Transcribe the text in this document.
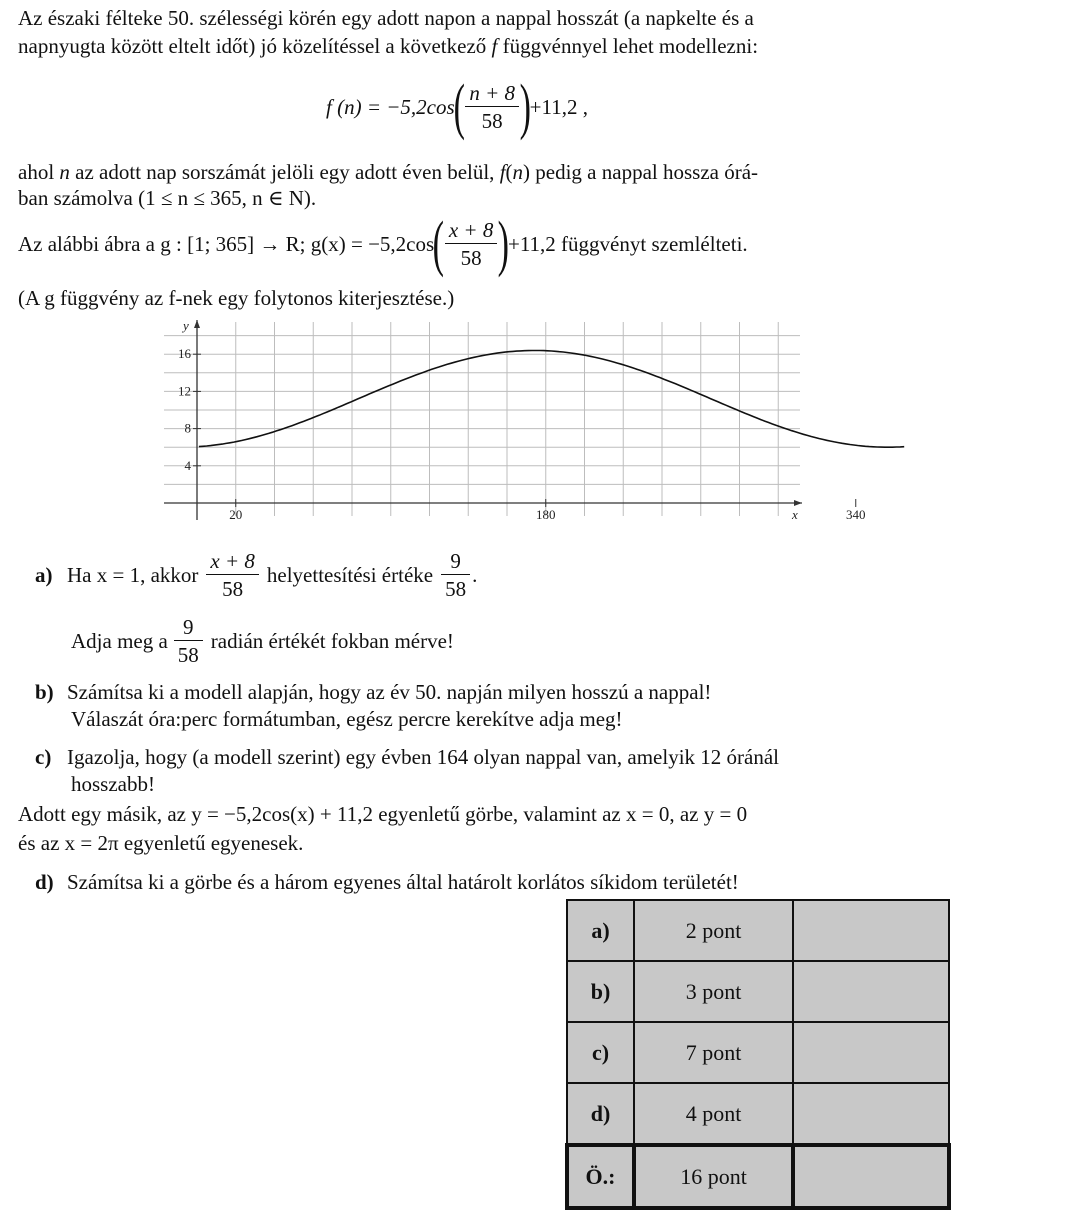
Az északi félteke 50. szélességi körén egy adott napon a nappal hosszát (a napkelte és a
napnyugta között eltelt időt) jó közelítéssel a következő f függvénnyel lehet modellezni:
f (n) = −5,2cos
( $\frac{n + 8}{58}$ )
+11,2 ,
ahol n az adott nap sorszámát jelöli egy adott éven belül, f(n) pedig a nappal hossza órá-
ban számolva (1 ≤ n ≤ 365, n ∈ N).
Az alábbi ábra a g : [1; 365] → R; g(x) = −5,2cos
( $\frac{x + 8}{58}$ )
+11,2 függvényt szemlélteti.
(A g függvény az f-nek egy folytonos kiterjesztése.)
4
8
12
16
20	180	340
y
x
a) Ha x = 1, akkor $\frac{x + 8}{58}$ helyettesítési értéke $\frac{9}{58}$ .
Adja meg a $\frac{9}{58}$ radián értékét fokban mérve!
b) Számítsa ki a modell alapján, hogy az év 50. napján milyen hosszú a nappal!
Válaszát óra:perc formátumban, egész percre kerekítve adja meg!
c) Igazolja, hogy (a modell szerint) egy évben 164 olyan nappal van, amelyik 12 óránál
hosszabb!
Adott egy másik, az y = −5,2cos(x) + 11,2 egyenletű görbe, valamint az x = 0, az y = 0
és az x = 2π egyenletű egyenesek.
d) Számítsa ki a görbe és a három egyenes által határolt korlátos síkidom területét!
a)	2 pont	
b)	3 pont	
c)	7 pont	
d)	4 pont	
Ö.:	16 pont	
